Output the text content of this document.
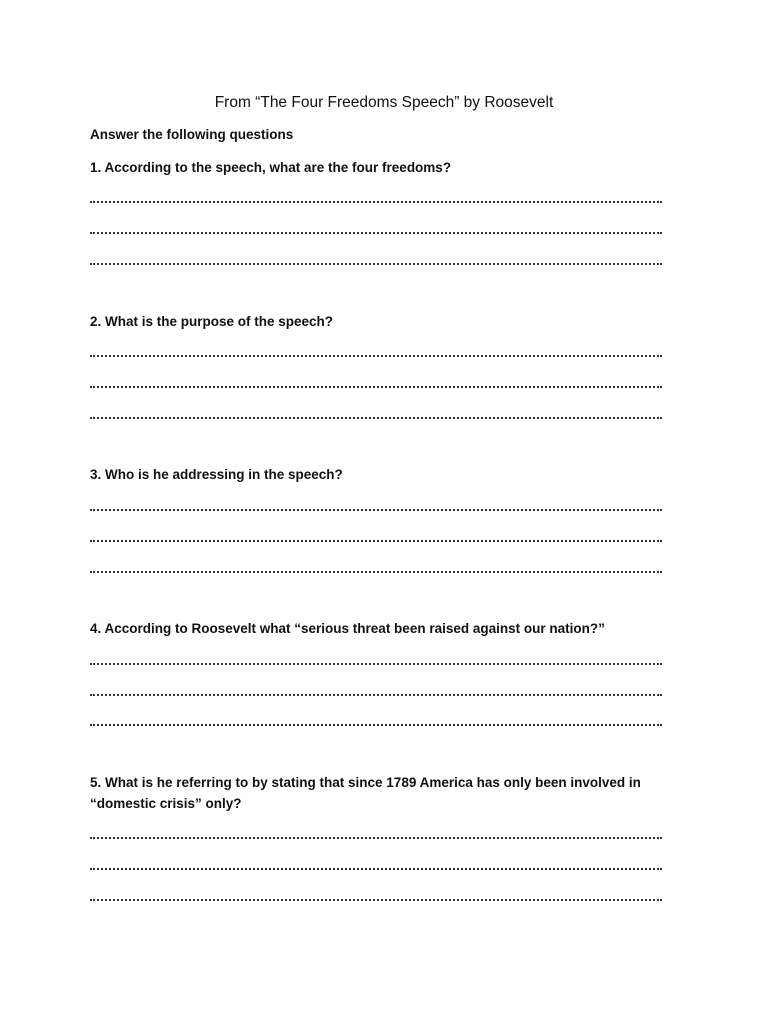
From “The Four Freedoms Speech” by Roosevelt

Answer the following questions

1. According to the speech, what are the four freedoms?

2. What is the purpose of the speech?

3. Who is he addressing in the speech?

4. According to Roosevelt what “serious threat been raised against our nation?”

5. What is he referring to by stating that since 1789 America has only been involved in “domestic crisis” only?
